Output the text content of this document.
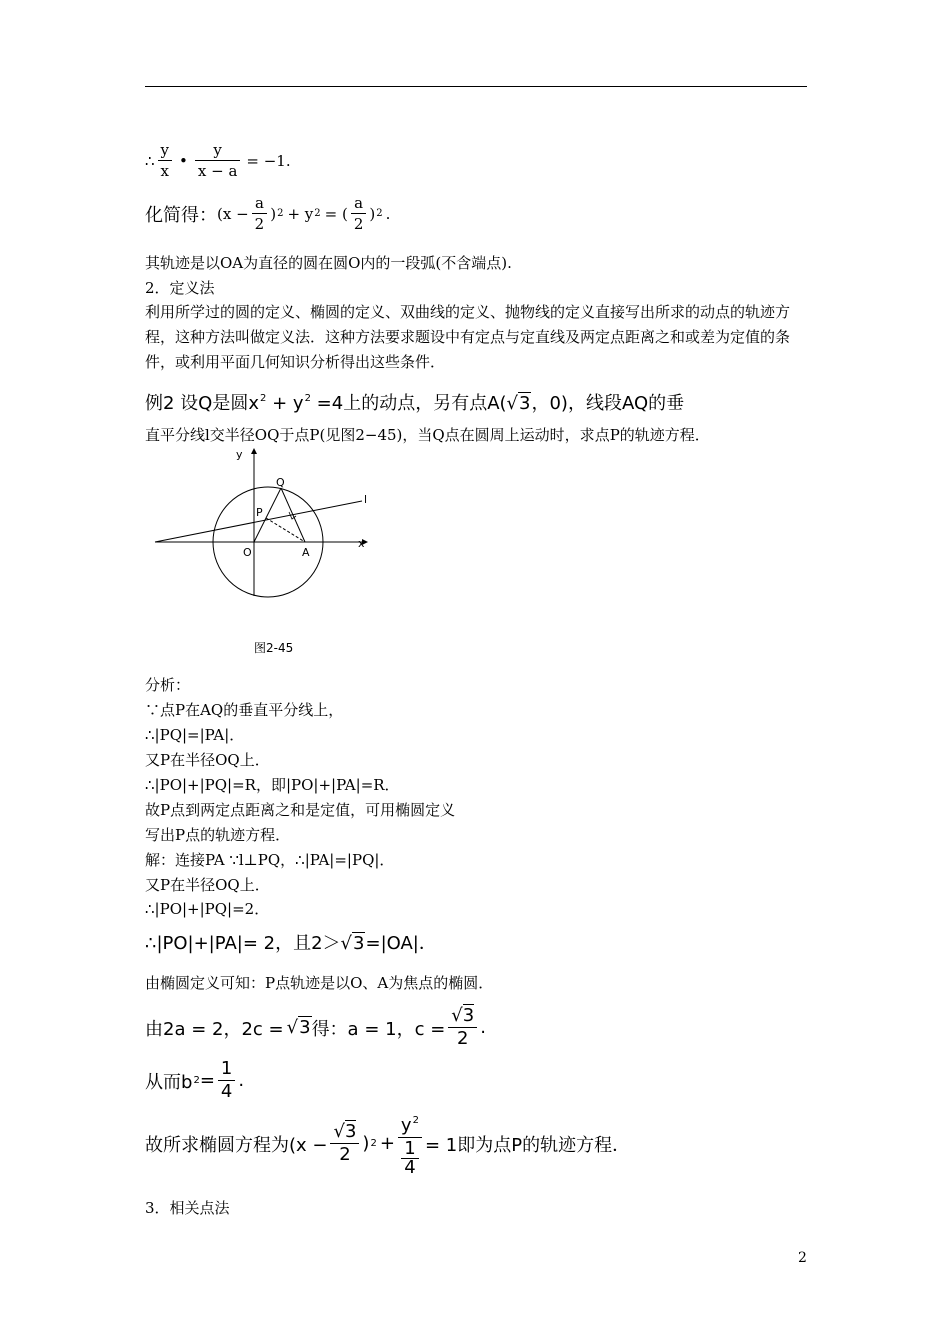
∴ $\frac{y}{x}$ • $\frac{y}{x - a} = -1$.
化简得： ($x - \frac{a}{2}$ ) 2 + y 2 = ( $\frac{a}{2}$ ) 2 .
其轨迹是以OA为直径的圆在圆O内的一段弧(不含端点).
2．定义法
利用所学过的圆的定义、椭圆的定义、双曲线的定义、抛物线的定义直接写出所求的动点的轨迹方程，这种方法叫做定义法．这种方法要求题设中有定点与定直线及两定点距离之和或差为定值的条件，或利用平面几何知识分析得出这些条件．
例2 设Q是圆$x^2 + y^2 =4$上的动点，另有点A(√3，0)，线段AQ的垂
直平分线l交半径OQ于点P(见图2−45)，当Q点在圆周上运动时，求点P的轨迹方程．
y
x
Q
P
O	A
l
图2-45
分析：
∵点P在AQ的垂直平分线上，
∴|PQ|=|PA|．
又P在半径OQ上．
∴|PO|+|PQ|=R，即|PO|+|PA|=R．
故P点到两定点距离之和是定值，可用椭圆定义
写出P点的轨迹方程．
解：连接PA ∵l⊥PQ，∴|PA|=|PQ|．
又P在半径OQ上．
∴|PO|+|PQ|=2．
∴|PO|+|PA|= 2，且2＞√3=|OA|．
由椭圆定义可知：P点轨迹是以O、A为焦点的椭圆．
由2a = 2，2c = √3 得：a = 1，$c = \frac{√3}{2}$ .
从而b $2 = \frac{1}{4}$ .
故所求椭圆方程为($x - \frac{√3}{2}$ ) $2 + \frac{y^2}{\frac{1}{4}} = 1$即为点P的轨迹方程．
3．相关点法
2
